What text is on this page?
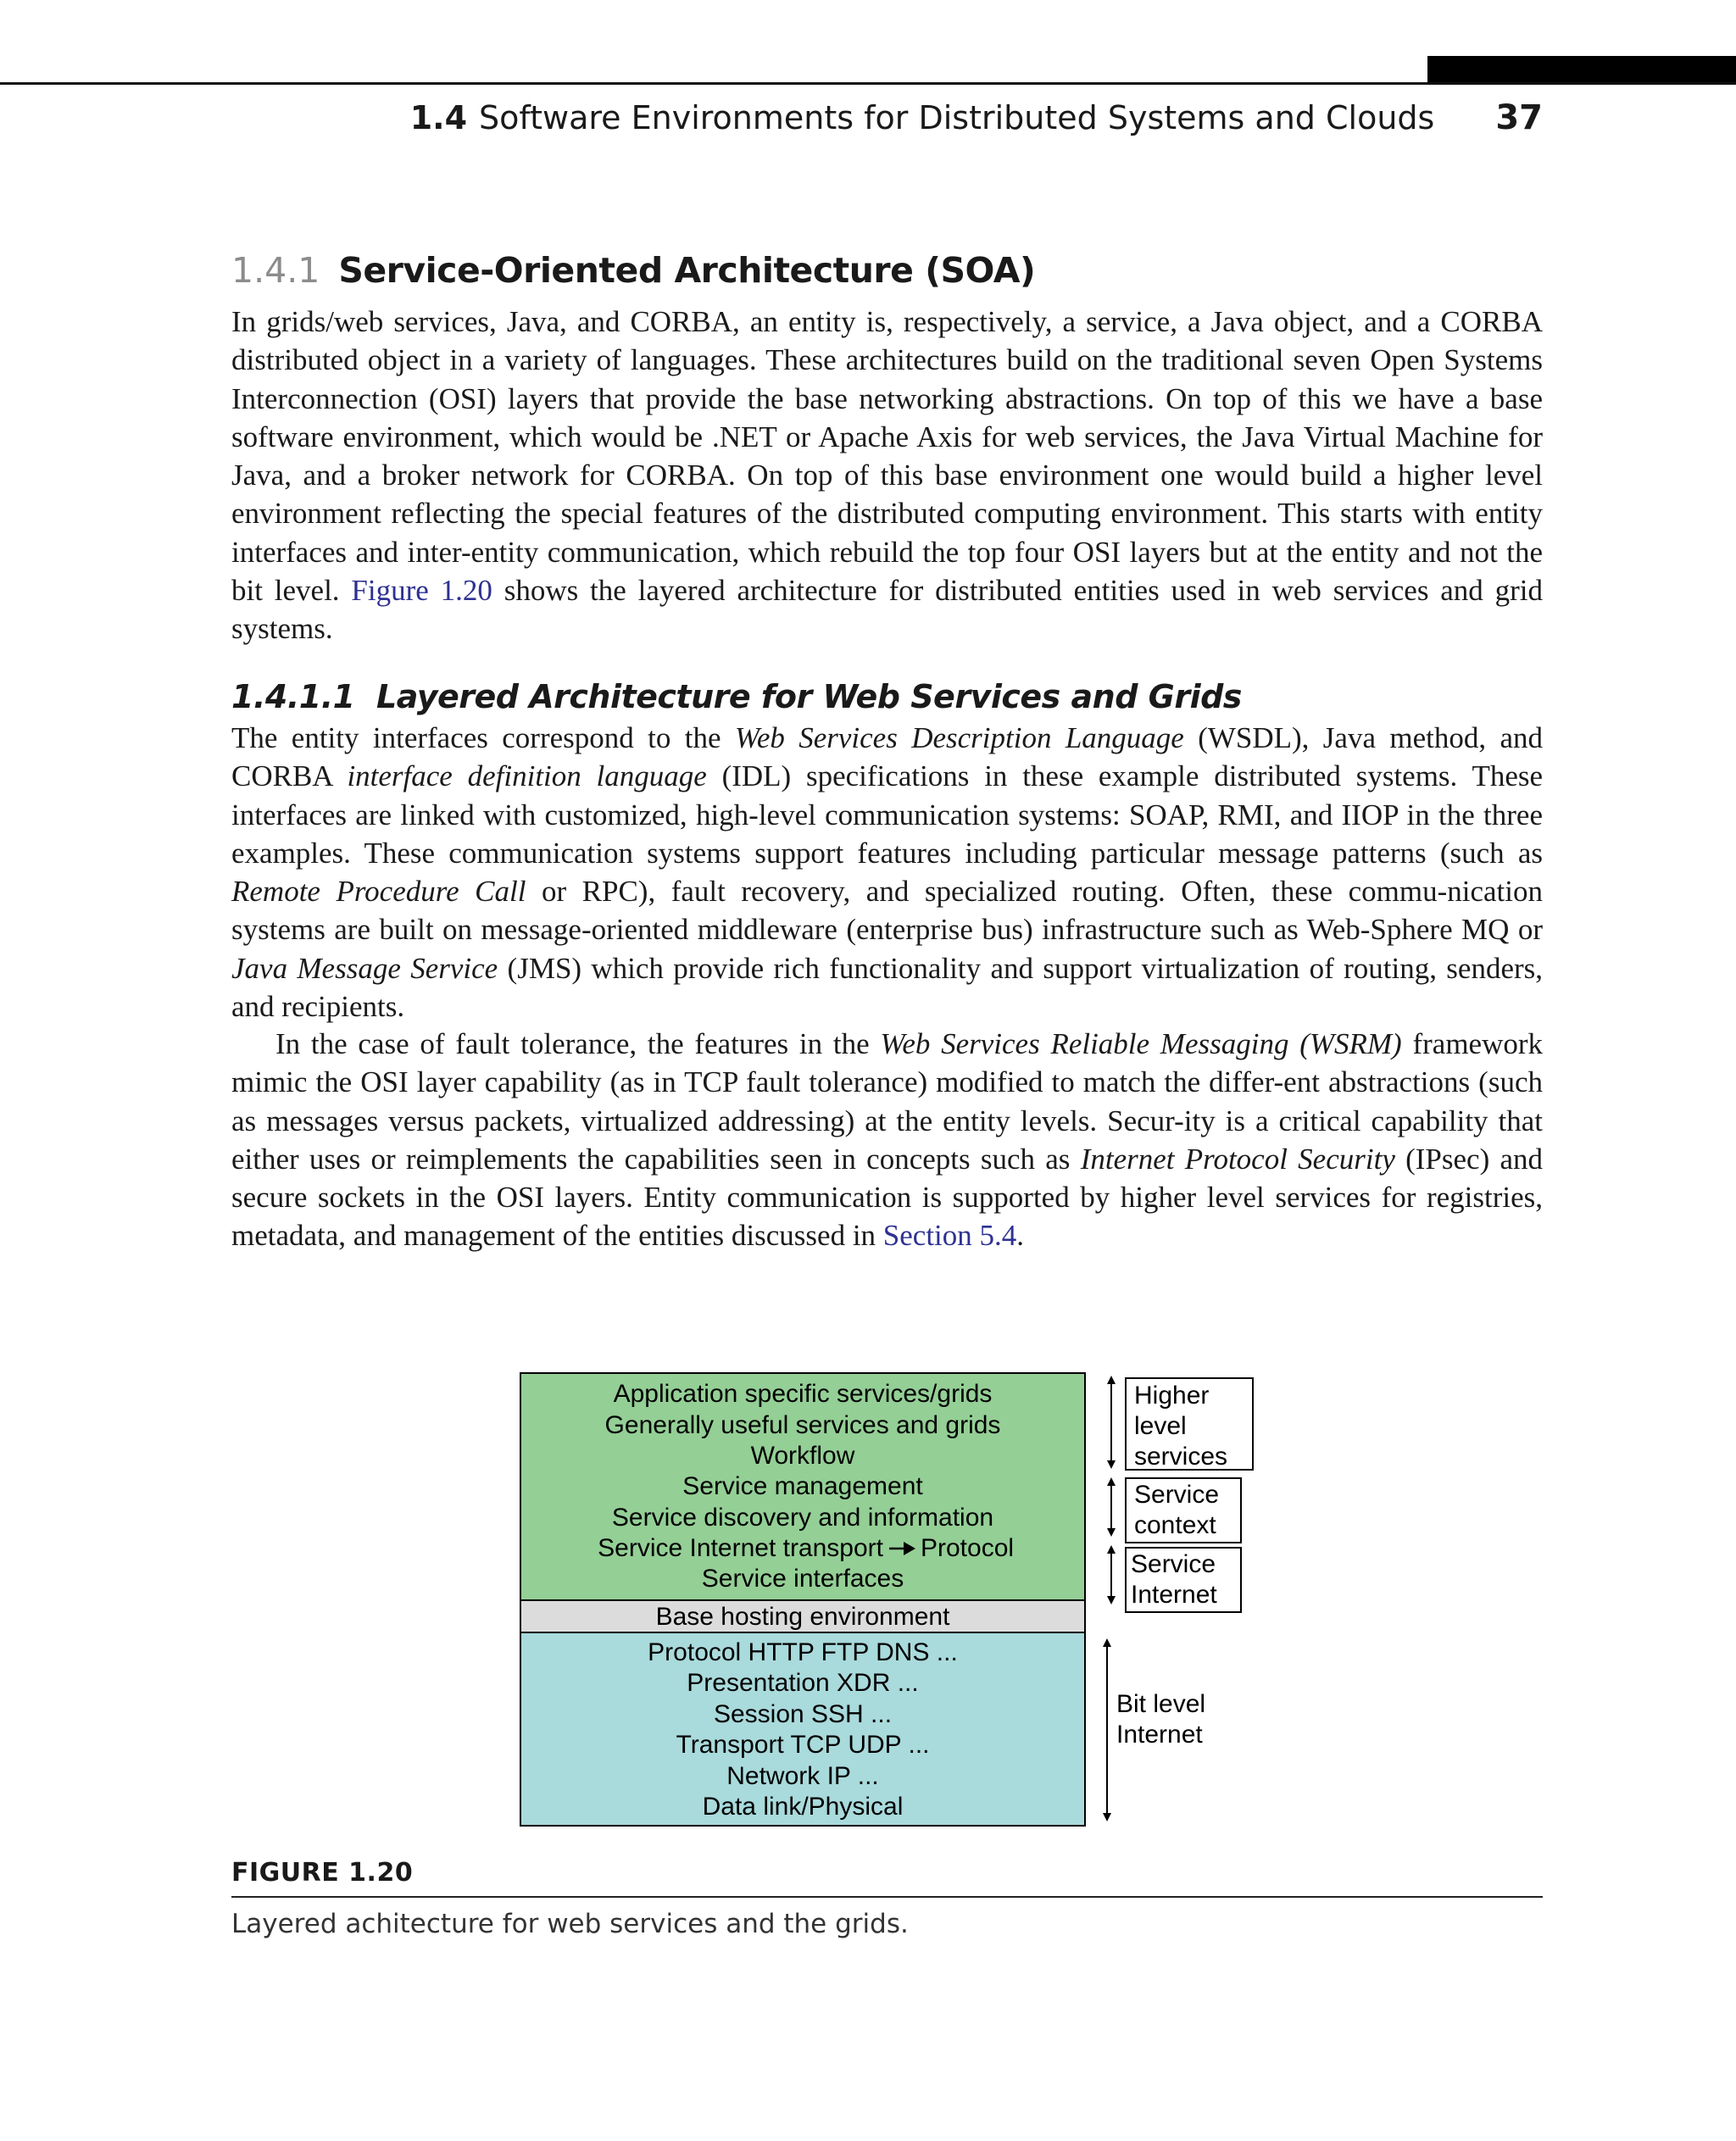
1.4 Software Environments for Distributed Systems and Clouds 37
1.4.1 Service-Oriented Architecture (SOA)

In grids/web services, Java, and CORBA, an entity is, respectively, a service, a Java object, and a CORBA distributed object in a variety of languages. These architectures build on the traditional seven Open Systems Interconnection (OSI) layers that provide the base networking abstractions. On top of this we have a base software environment, which would be .NET or Apache Axis for web services, the Java Virtual Machine for Java, and a broker network for CORBA. On top of this base environment one would build a higher level environment reflecting the special features of the distributed computing environment. This starts with entity interfaces and inter-entity communication, which rebuild the top four OSI layers but at the entity and not the bit level. Figure 1.20 shows the layered architecture for distributed entities used in web services and grid systems.

1.4.1.1 Layered Architecture for Web Services and Grids

The entity interfaces correspond to the Web Services Description Language (WSDL), Java method, and CORBA interface definition language (IDL) specifications in these example distributed systems. These interfaces are linked with customized, high-level communication systems: SOAP, RMI, and IIOP in the three examples. These communication systems support features including particular message patterns (such as Remote Procedure Call or RPC), fault recovery, and specialized routing. Often, these commu-nication systems are built on message-oriented middleware (enterprise bus) infrastructure such as Web-Sphere MQ or Java Message Service (JMS) which provide rich functionality and support virtualization of routing, senders, and recipients.

In the case of fault tolerance, the features in the Web Services Reliable Messaging (WSRM) framework mimic the OSI layer capability (as in TCP fault tolerance) modified to match the differ-ent abstractions (such as messages versus packets, virtualized addressing) at the entity levels. Secur-ity is a critical capability that either uses or reimplements the capabilities seen in concepts such as Internet Protocol Security (IPsec) and secure sockets in the OSI layers. Entity communication is supported by higher level services for registries, metadata, and management of the entities discussed in Section 5.4.

Application specific services/grids
Generally useful services and grids
Workflow
Service management
Service discovery and information
Service Internet transport Protocol
Service interfaces
Base hosting environment
Protocol HTTP FTP DNS ...
Presentation XDR ...
Session SSH ...
Transport TCP UDP ...
Network IP ...
Data link/Physical
Higher
level
services
Service
context
Service
Internet
Bit level
Internet
FIGURE 1.20
Layered achitecture for web services and the grids.
